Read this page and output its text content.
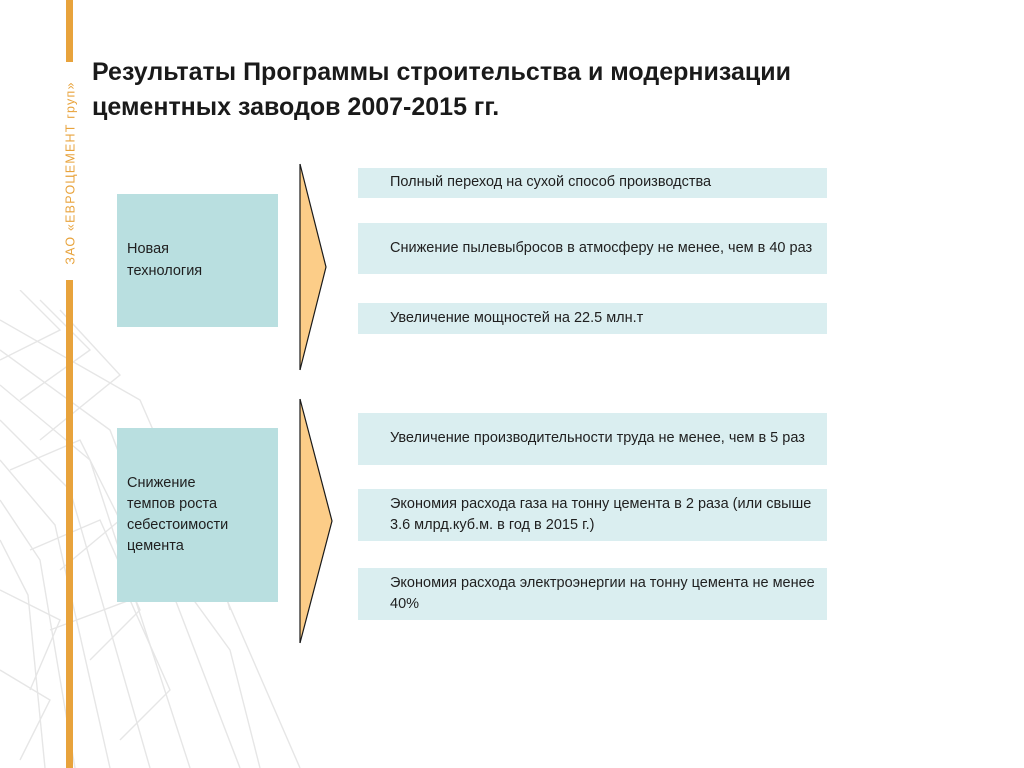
ЗАО «ЕВРОЦЕМЕНТ груп»
Результаты Программы строительства и модернизации цементных заводов 2007-2015 гг.
Новая
технология
Полный переход на сухой способ производства
Снижение пылевыбросов в атмосферу не менее, чем в 40 раз
Увеличение мощностей на 22.5 млн.т
Снижение
темпов роста
себестоимости
цемента
Увеличение производительности труда не менее, чем в 5 раз
Экономия расхода газа на тонну цемента в 2 раза (или свыше 3.6 млрд.куб.м. в год в 2015 г.)
Экономия расхода электроэнергии на тонну цемента не менее 40%
